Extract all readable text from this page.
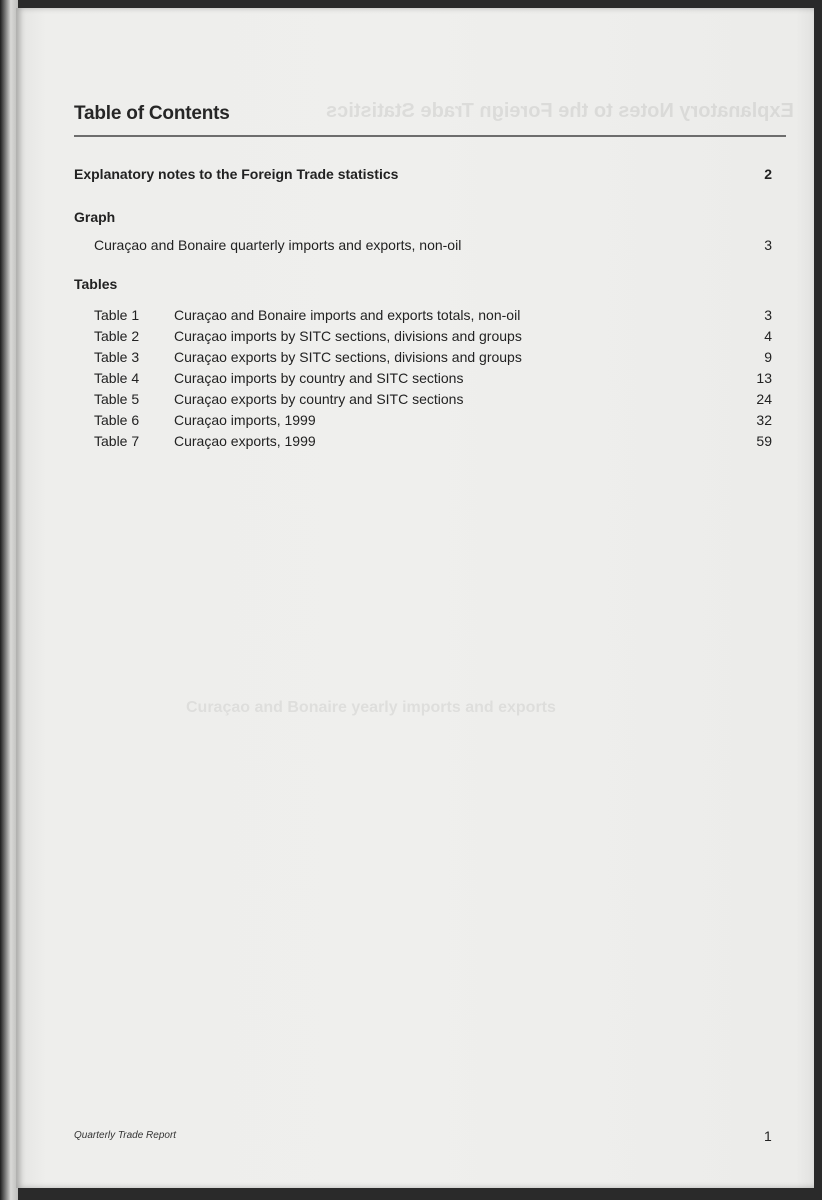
Explanatory Notes to the Foreign Trade Statistics
Curaçao and Bonaire yearly imports and exports
Table of Contents
Explanatory notes to the Foreign Trade statistics	2
Graph
Curaçao and Bonaire quarterly imports and exports, non-oil	3
Tables
Table 1 Curaçao and Bonaire imports and exports totals, non-oil	3
Table 2 Curaçao imports by SITC sections, divisions and groups	4
Table 3 Curaçao exports by SITC sections, divisions and groups	9
Table 4 Curaçao imports by country and SITC sections	13
Table 5 Curaçao exports by country and SITC sections	24
Table 6 Curaçao imports, 1999	32
Table 7 Curaçao exports, 1999	59
Quarterly Trade Report	1
